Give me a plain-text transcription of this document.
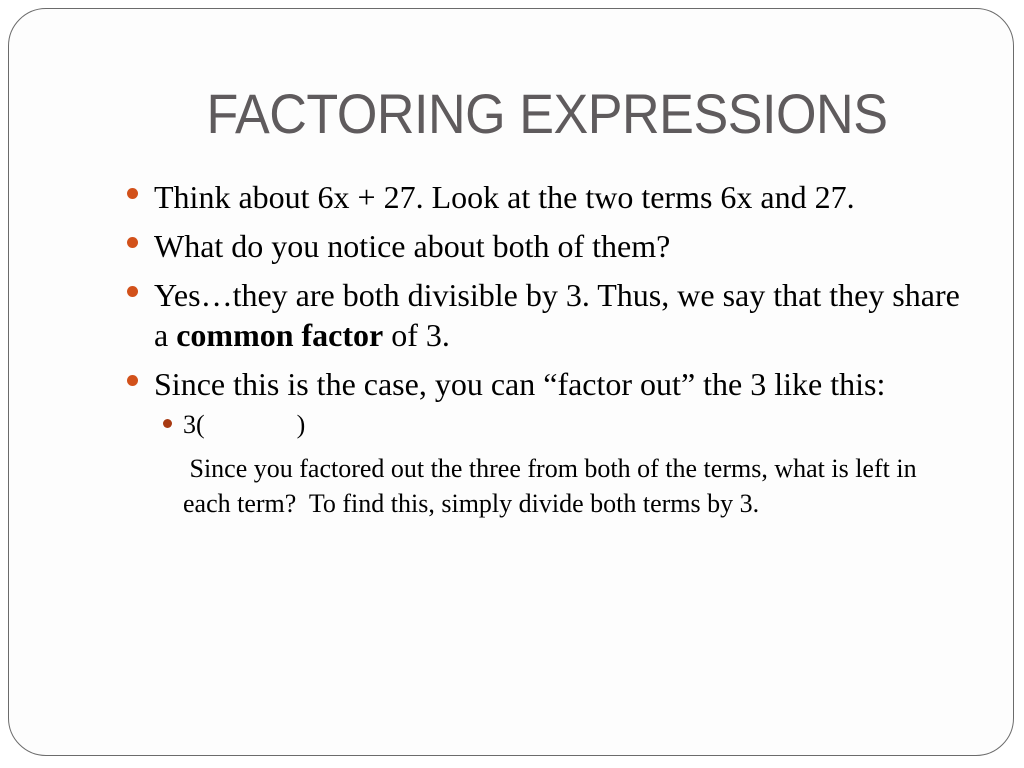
FACTORING EXPRESSIONS
Think about 6x + 27. Look at the two terms 6x and 27.
What do you notice about both of them?
Yes…they are both divisible by 3. Thus, we say that they share a common factor of 3.
Since this is the case, you can “factor out” the 3 like this:
3(	)
Since you factored out the three from both of the terms, what is left in each term?  To find this, simply divide both terms by 3.
